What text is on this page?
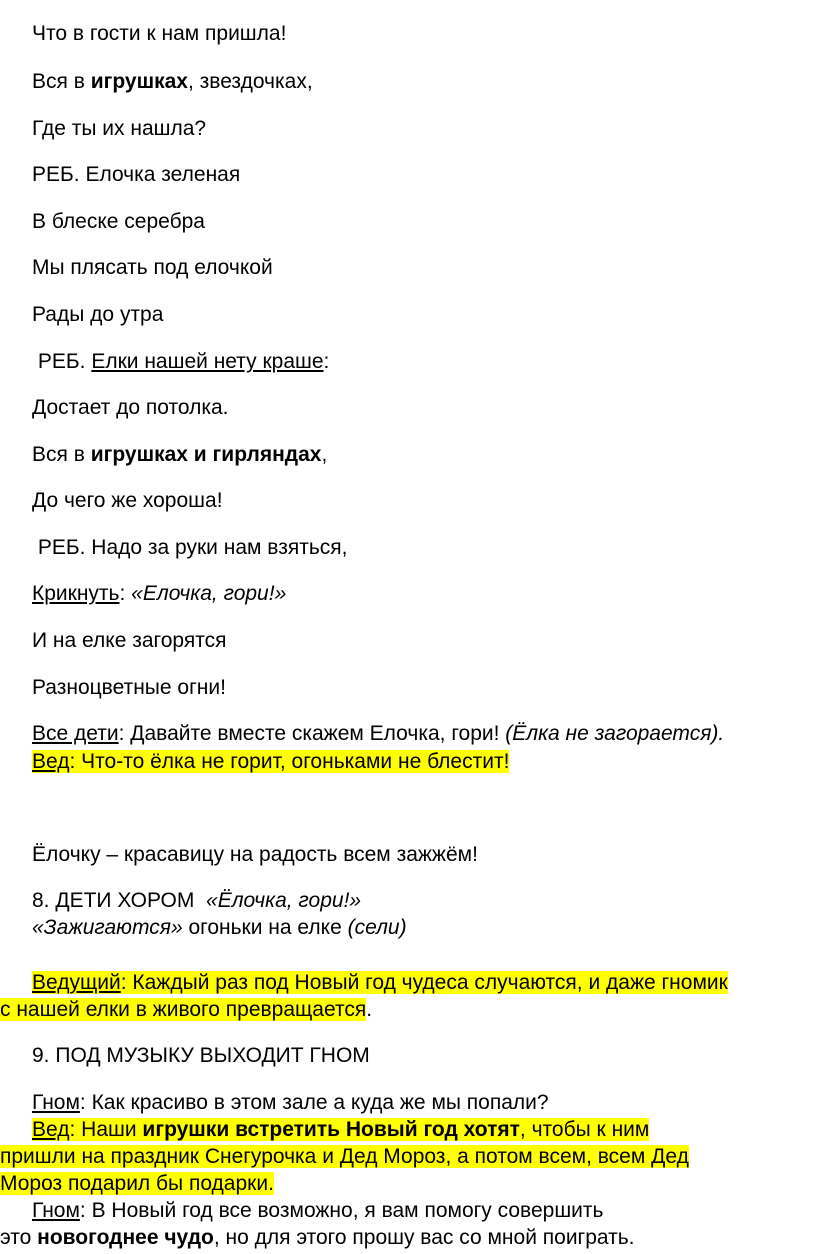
Что в гости к нам пришла!
Вся в игрушках, звездочках,
Где ты их нашла?
РЕБ. Елочка зеленая
В блеске серебра
Мы плясать под елочкой
Рады до утра
РЕБ. Елки нашей нету краше:
Достает до потолка.
Вся в игрушках и гирляндах,
До чего же хороша!
РЕБ. Надо за руки нам взяться,
Крикнуть: «Елочка, гори!»
И на елке загорятся
Разноцветные огни!
Все дети: Давайте вместе скажем Елочка, гори! (Ёлка не загорается).
Вед: Что-то ёлка не горит, огоньками не блестит!
Ёлочку – красавицу на радость всем зажжём!
8. ДЕТИ ХОРОМ  «Ёлочка, гори!»
«Зажигаются» огоньки на елке (сели)
Ведущий: Каждый раз под Новый год чудеса случаются, и даже гномик
с нашей елки в живого превращается.
9. ПОД МУЗЫКУ ВЫХОДИТ ГНОМ
Гном: Как красиво в этом зале а куда же мы попали?
Вед: Наши игрушки встретить Новый год хотят, чтобы к ним
пришли на праздник Снегурочка и Дед Мороз, а потом всем, всем Дед
Мороз подарил бы подарки.
Гном: В Новый год все возможно, я вам помогу совершить
это новогоднее чудо, но для этого прошу вас со мной поиграть.
